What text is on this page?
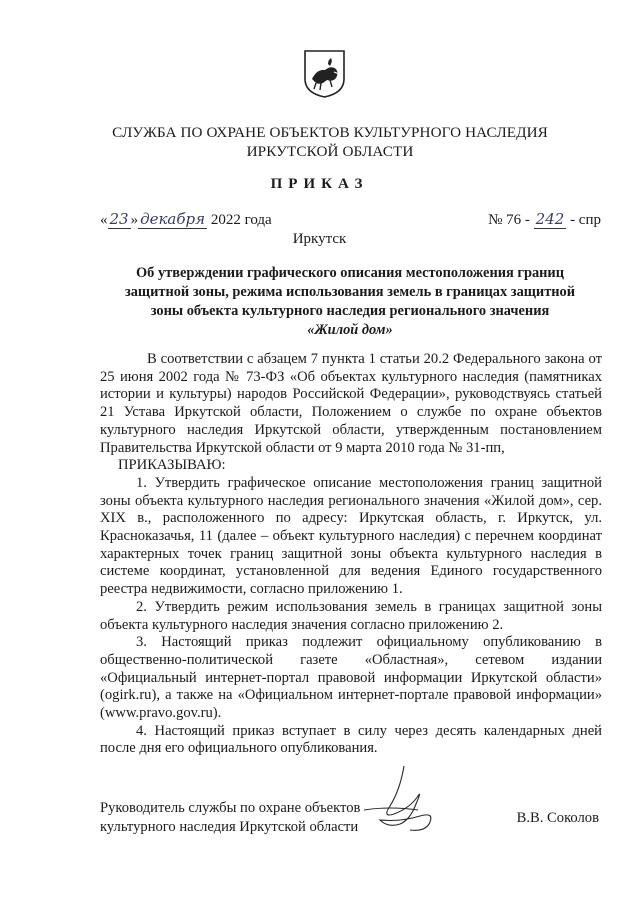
СЛУЖБА ПО ОХРАНЕ ОБЪЕКТОВ КУЛЬТУРНОГО НАСЛЕДИЯ
ИРКУТСКОЙ ОБЛАСТИ
ПРИКАЗ
« 23 » декабря 2022 года	№ 76 - 242 - спр
Иркутск
Об утверждении графического описания местоположения границ
защитной зоны, режима использования земель в границах защитной
зоны объекта культурного наследия регионального значения
«Жилой дом»

В соответствии с абзацем 7 пункта 1 статьи 20.2 Федерального закона от 25 июня 2002 года № 73-ФЗ «Об объектах культурного наследия (памятниках истории и культуры) народов Российской Федерации», руководствуясь статьей 21 Устава Иркутской области, Положением о службе по охране объектов культурного наследия Иркутской области, утвержденным постановлением Правительства Иркутской области от 9 марта 2010 года № 31-пп,

ПРИКАЗЫВАЮ:

1. Утвердить графическое описание местоположения границ защитной зоны объекта культурного наследия регионального значения «Жилой дом», сер. XIX в., расположенного по адресу: Иркутская область, г. Иркутск, ул. Красноказачья, 11 (далее – объект культурного наследия) с перечнем координат характерных точек границ защитной зоны объекта культурного наследия в системе координат, установленной для ведения Единого государственного реестра недвижимости, согласно приложению 1.

2. Утвердить режим использования земель в границах защитной зоны объекта культурного наследия значения согласно приложению 2.

3. Настоящий приказ подлежит официальному опубликованию в общественно-политической газете «Областная», сетевом издании «Официальный интернет-портал правовой информации Иркутской области» (ogirk.ru), а также на «Официальном интернет-портале правовой информации» (www.pravo.gov.ru).

4. Настоящий приказ вступает в силу через десять календарных дней после дня его официального опубликования.

Руководитель службы по охране объектов
культурного наследия Иркутской области
В.В. Соколов
